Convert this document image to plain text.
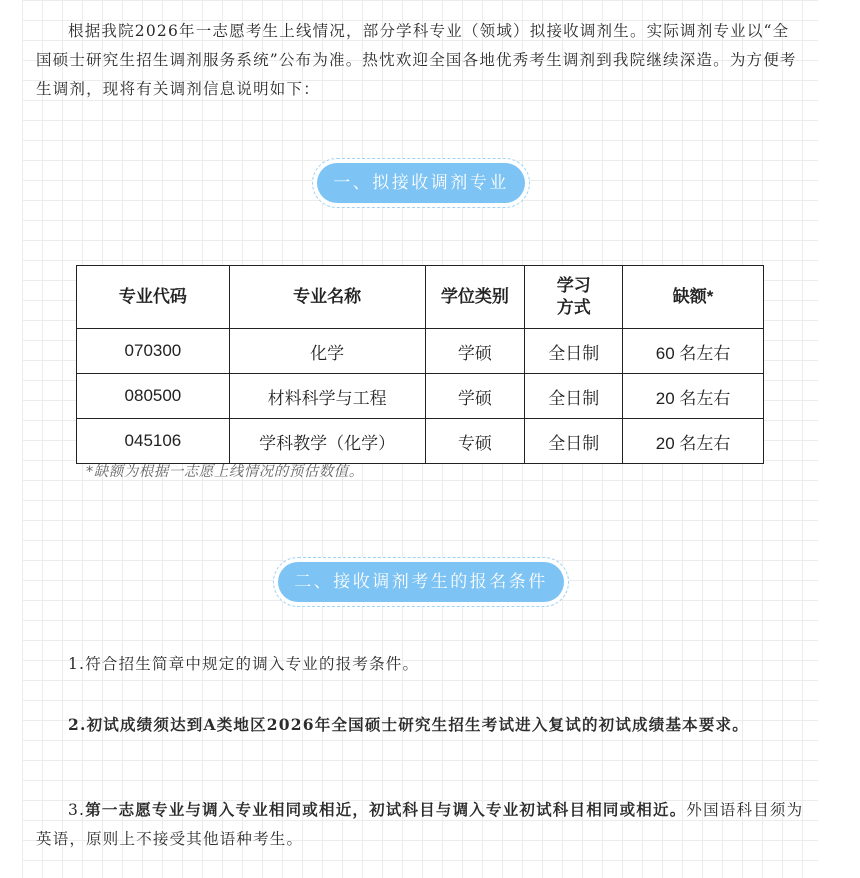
根据我院2026年一志愿考生上线情况，部分学科专业（领域）拟接收调剂生。实际调剂专业以“全国硕士研究生招生调剂服务系统”公布为准。热忱欢迎全国各地优秀考生调剂到我院继续深造。为方便考生调剂，现将有关调剂信息说明如下：

一、拟接收调剂专业
专业代码	专业名称	学位类别	学习
方式	缺额*
070300	化学	学硕	全日制	60 名左右
080500	材料科学与工程	学硕	全日制	20 名左右
045106	学科教学（化学）	专硕	全日制	20 名左右
*缺额为根据一志愿上线情况的预估数值。
二、接收调剂考生的报名条件

1.符合招生简章中规定的调入专业的报考条件。

2.初试成绩须达到A类地区2026年全国硕士研究生招生考试进入复试的初试成绩基本要求。

3.第一志愿专业与调入专业相同或相近，初试科目与调入专业初试科目相同或相近。外国语科目须为英语，原则上不接受其他语种考生。
